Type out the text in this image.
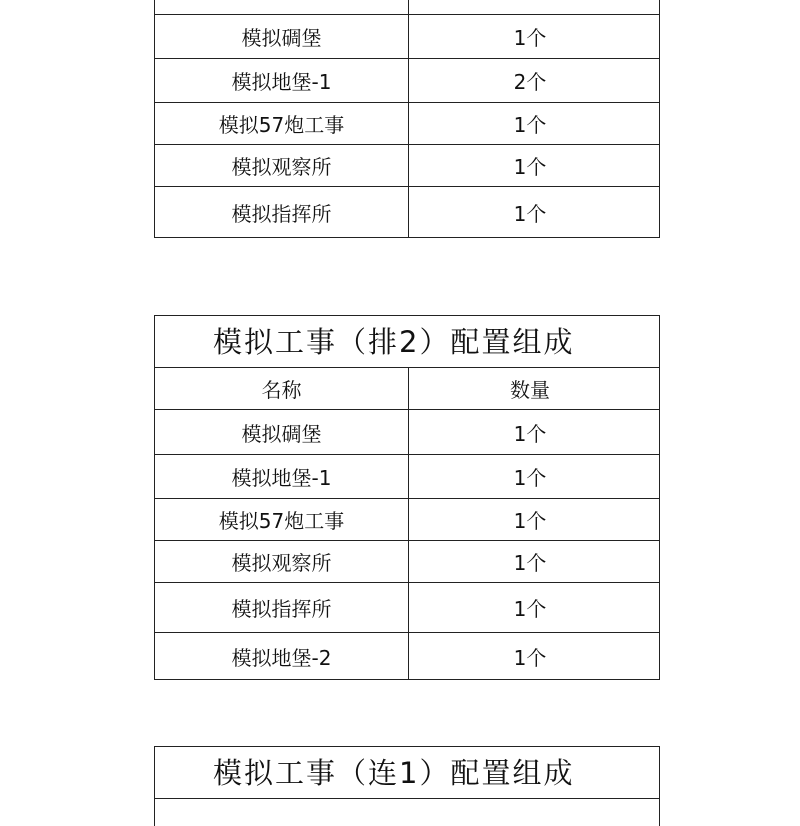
模拟碉堡	1个
模拟地堡-1	2个
模拟57炮工事	1个
模拟观察所	1个
模拟指挥所	1个
模拟工事（排2）配置组成
名称	数量
模拟碉堡	1个
模拟地堡-1	1个
模拟57炮工事	1个
模拟观察所	1个
模拟指挥所	1个
模拟地堡-2	1个
模拟工事（连1）配置组成
